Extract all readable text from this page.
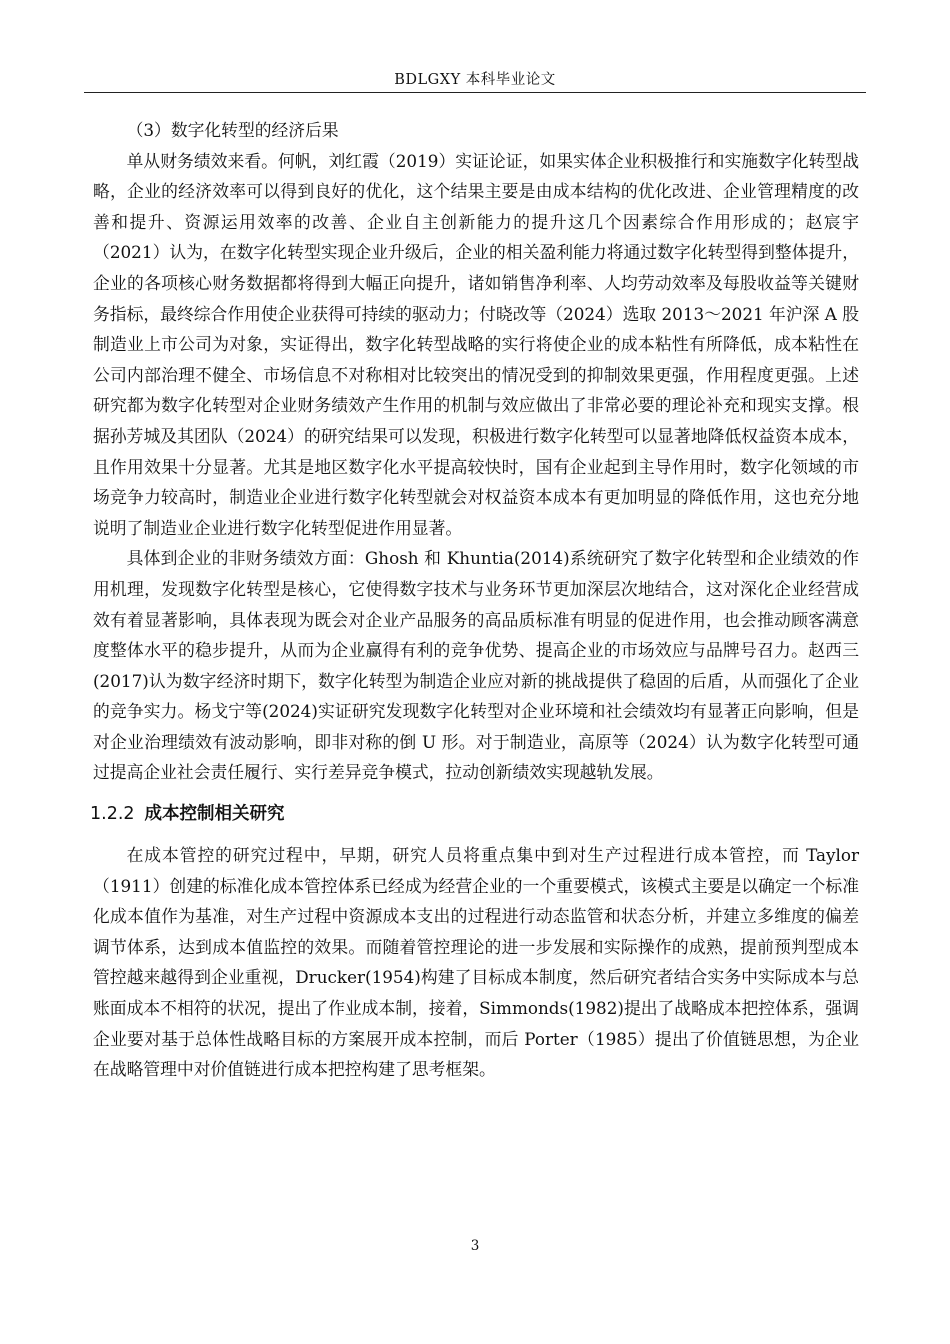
BDLGXY 本科毕业论文

（3）数字化转型的经济后果

单从财务绩效来看。何帆，刘红霞（2019）实证论证，如果实体企业积极推行和实施数字化转型战略，企业的经济效率可以得到良好的优化，这个结果主要是由成本结构的优化改进、企业管理精度的改善和提升、资源运用效率的改善、企业自主创新能力的提升这几个因素综合作用形成的；赵宸宇（2021）认为，在数字化转型实现企业升级后，企业的相关盈利能力将通过数字化转型得到整体提升，企业的各项核心财务数据都将得到大幅正向提升，诸如销售净利率、人均劳动效率及每股收益等关键财务指标，最终综合作用使企业获得可持续的驱动力；付晓改等（2024）选取 2013～2021 年沪深 A 股制造业上市公司为对象，实证得出，数字化转型战略的实行将使企业的成本粘性有所降低，成本粘性在公司内部治理不健全、市场信息不对称相对比较突出的情况受到的抑制效果更强，作用程度更强。上述研究都为数字化转型对企业财务绩效产生作用的机制与效应做出了非常必要的理论补充和现实支撑。根据孙芳城及其团队（2024）的研究结果可以发现，积极进行数字化转型可以显著地降低权益资本成本，且作用效果十分显著。尤其是地区数字化水平提高较快时，国有企业起到主导作用时，数字化领域的市场竞争力较高时，制造业企业进行数字化转型就会对权益资本成本有更加明显的降低作用，这也充分地说明了制造业企业进行数字化转型促进作用显著。

具体到企业的非财务绩效方面：Ghosh 和 Khuntia(2014)系统研究了数字化转型和企业绩效的作用机理，发现数字化转型是核心，它使得数字技术与业务环节更加深层次地结合，这对深化企业经营成效有着显著影响，具体表现为既会对企业产品服务的高品质标准有明显的促进作用，也会推动顾客满意度整体水平的稳步提升，从而为企业赢得有利的竞争优势、提高企业的市场效应与品牌号召力。赵西三(2017)认为数字经济时期下，数字化转型为制造企业应对新的挑战提供了稳固的后盾，从而强化了企业的竞争实力。杨戈宁等(2024)实证研究发现数字化转型对企业环境和社会绩效均有显著正向影响，但是对企业治理绩效有波动影响，即非对称的倒 U 形。对于制造业，高原等（2024）认为数字化转型可通过提高企业社会责任履行、实行差异竞争模式，拉动创新绩效实现越轨发展。

1.2.2 成本控制相关研究

在成本管控的研究过程中，早期，研究人员将重点集中到对生产过程进行成本管控，而 Taylor（1911）创建的标准化成本管控体系已经成为经营企业的一个重要模式，该模式主要是以确定一个标准化成本值作为基准，对生产过程中资源成本支出的过程进行动态监管和状态分析，并建立多维度的偏差调节体系，达到成本值监控的效果。而随着管控理论的进一步发展和实际操作的成熟，提前预判型成本管控越来越得到企业重视，Drucker(1954)构建了目标成本制度，然后研究者结合实务中实际成本与总账面成本不相符的状况，提出了作业成本制，接着，Simmonds(1982)提出了战略成本把控体系，强调企业要对基于总体性战略目标的方案展开成本控制，而后 Porter（1985）提出了价值链思想，为企业在战略管理中对价值链进行成本把控构建了思考框架。

3
